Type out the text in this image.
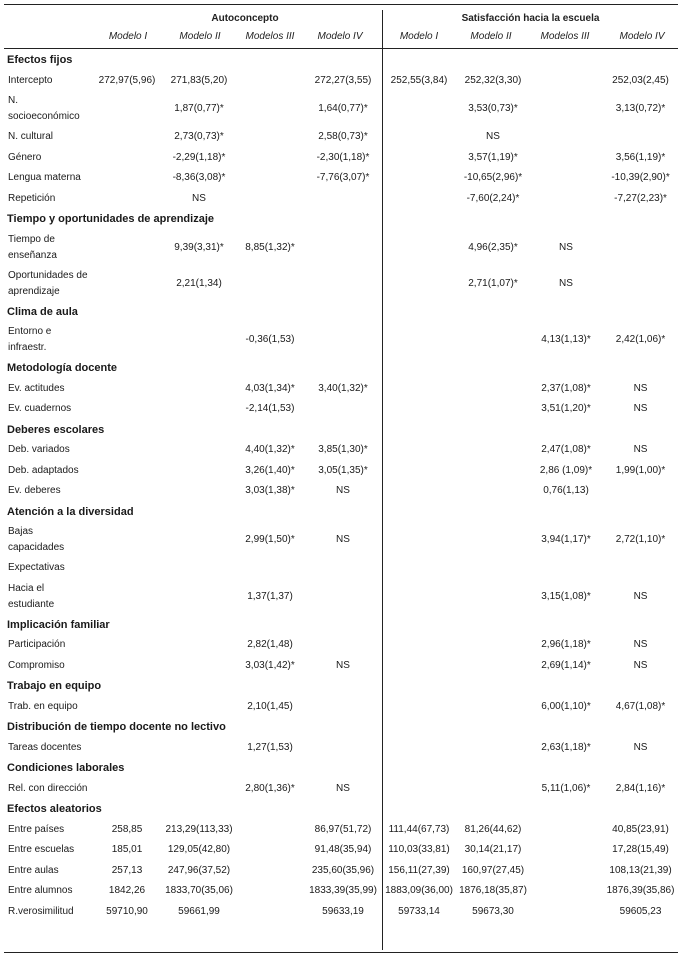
Autoconcepto	Satisfacción hacia la escuela
Modelo I	Modelo II	Modelos III	Modelo IV	Modelo I	Modelo II	Modelos III	Modelo IV
Efectos fijos								
Intercepto	272,97(5,96)	271,83(5,20)		272,27(3,55)	252,55(3,84)	252,32(3,30)		252,03(2,45)
N. socioeconómico		1,87(0,77)*		1,64(0,77)*		3,53(0,73)*		3,13(0,72)*
N. cultural		2,73(0,73)*		2,58(0,73)*		NS		
Género		-2,29(1,18)*		-2,30(1,18)*		3,57(1,19)*		3,56(1,19)*
Lengua materna		-8,36(3,08)*		-7,76(3,07)*		-10,65(2,96)*		-10,39(2,90)*
Repetición		NS				-7,60(2,24)*		-7,27(2,23)*
Tiempo y oportunidades de aprendizaje								
Tiempo de enseñanza		9,39(3,31)*	8,85(1,32)*			4,96(2,35)*	NS	
Oportunidades de aprendizaje		2,21(1,34)				2,71(1,07)*	NS	
Clima de aula								
Entorno e infraestr.			-0,36(1,53)				4,13(1,13)*	2,42(1,06)*
Metodología docente								
Ev. actitudes			4,03(1,34)*	3,40(1,32)*			2,37(1,08)*	NS
Ev. cuadernos			-2,14(1,53)				3,51(1,20)*	NS
Deberes escolares								
Deb. variados			4,40(1,32)*	3,85(1,30)*			2,47(1,08)*	NS
Deb. adaptados			3,26(1,40)*	3,05(1,35)*			2,86 (1,09)*	1,99(1,00)*
Ev. deberes			3,03(1,38)*	NS			0,76(1,13)	
Atención a la diversidad								
Bajas capacidades			2,99(1,50)*	NS			3,94(1,17)*	2,72(1,10)*
Expectativas								
Hacia el estudiante			1,37(1,37)				3,15(1,08)*	NS
Implicación familiar								
Participación			2,82(1,48)				2,96(1,18)*	NS
Compromiso			3,03(1,42)*	NS			2,69(1,14)*	NS
Trabajo en equipo								
Trab. en equipo			2,10(1,45)				6,00(1,10)*	4,67(1,08)*
Distribución de tiempo docente no lectivo								
Tareas docentes			1,27(1,53)				2,63(1,18)*	NS
Condiciones laborales								
Rel. con dirección			2,80(1,36)*	NS			5,11(1,06)*	2,84(1,16)*
Efectos aleatorios								
Entre países	258,85	213,29(113,33)		86,97(51,72)	111,44(67,73)	81,26(44,62)		40,85(23,91)
Entre escuelas	185,01	129,05(42,80)		91,48(35,94)	110,03(33,81)	30,14(21,17)		17,28(15,49)
Entre aulas	257,13	247,96(37,52)		235,60(35,96)	156,11(27,39)	160,97(27,45)		108,13(21,39)
Entre alumnos	1842,26	1833,70(35,06)		1833,39(35,99)	1883,09(36,00)	1876,18(35,87)		1876,39(35,86)
R.verosimilitud	59710,90	59661,99		59633,19	59733,14	59673,30		59605,23
